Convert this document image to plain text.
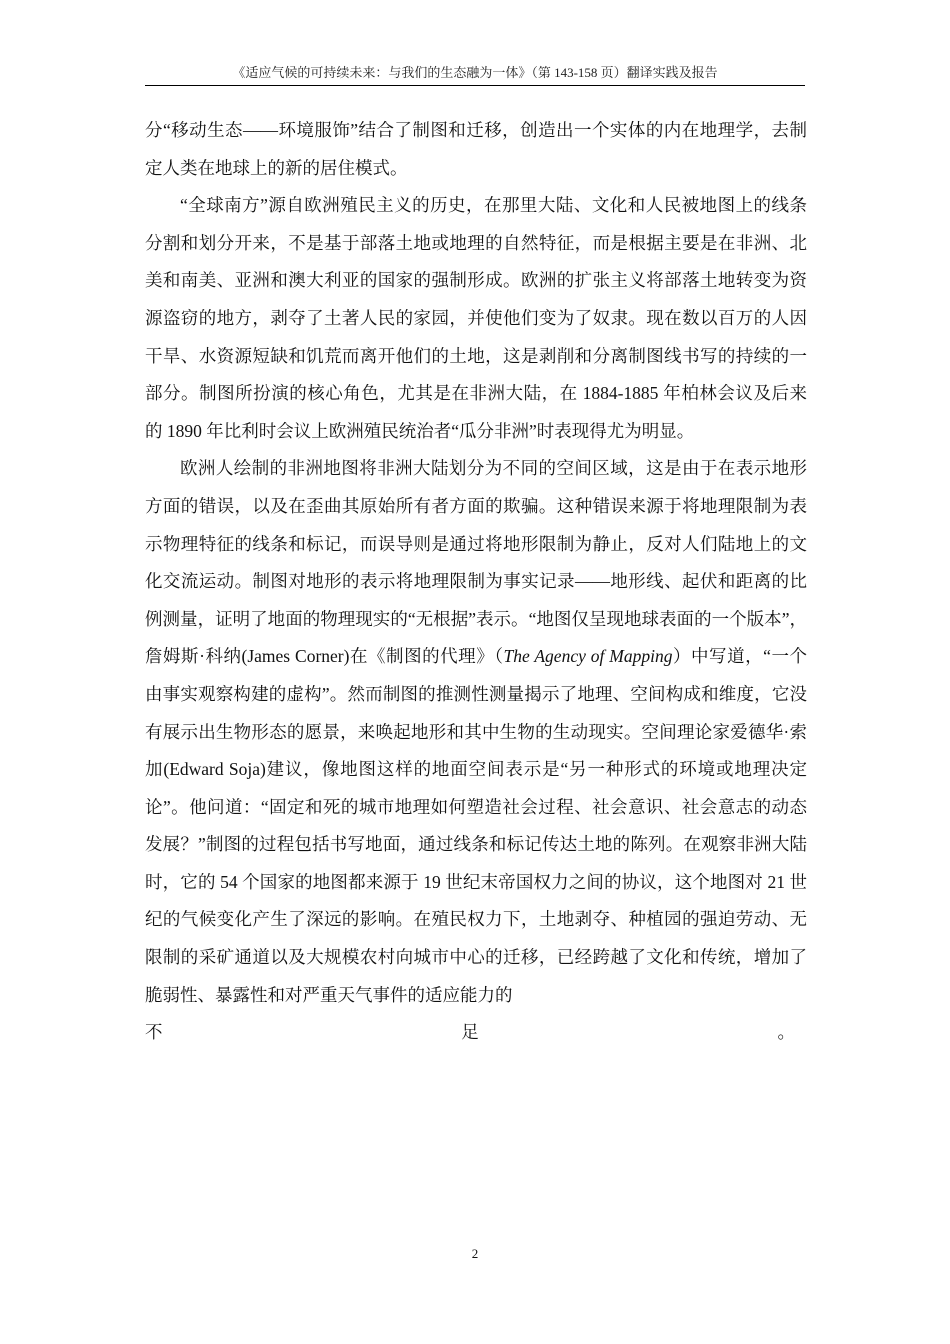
《适应气候的可持续未来：与我们的生态融为一体》（第 143-158 页）翻译实践及报告

分“移动生态——环境服饰”结合了制图和迁移，创造出一个实体的内在地理学，去制定人类在地球上的新的居住模式。

“全球南方”源自欧洲殖民主义的历史，在那里大陆、文化和人民被地图上的线条分割和划分开来，不是基于部落土地或地理的自然特征，而是根据主要是在非洲、北美和南美、亚洲和澳大利亚的国家的强制形成。欧洲的扩张主义将部落土地转变为资源盗窃的地方，剥夺了土著人民的家园，并使他们变为了奴隶。现在数以百万的人因干旱、水资源短缺和饥荒而离开他们的土地，这是剥削和分离制图线书写的持续的一部分。制图所扮演的核心角色，尤其是在非洲大陆，在 1884-1885 年柏林会议及后来的 1890 年比利时会议上欧洲殖民统治者“瓜分非洲”时表现得尤为明显。

欧洲人绘制的非洲地图将非洲大陆划分为不同的空间区域，这是由于在表示地形方面的错误，以及在歪曲其原始所有者方面的欺骗。这种错误来源于将地理限制为表示物理特征的线条和标记，而误导则是通过将地形限制为静止，反对人们陆地上的文化交流运动。制图对地形的表示将地理限制为事实记录——地形线、起伏和距离的比例测量，证明了地面的物理现实的“无根据”表示。“地图仅呈现地球表面的一个版本”，詹姆斯·科纳(James Corner)在《制图的代理》（The Agency of Mapping）中写道，“一个由事实观察构建的虚构”。然而制图的推测性测量揭示了地理、空间构成和维度，它没有展示出生物形态的愿景，来唤起地形和其中生物的生动现实。空间理论家爱德华·索加(Edward Soja)建议，像地图这样的地面空间表示是“另一种形式的环境或地理决定论”。他问道：“固定和死的城市地理如何塑造社会过程、社会意识、社会意志的动态发展？”制图的过程包括书写地面，通过线条和标记传达土地的陈列。在观察非洲大陆时，它的 54 个国家的地图都来源于 19 世纪末帝国权力之间的协议，这个地图对 21 世纪的气候变化产生了深远的影响。在殖民权力下，土地剥夺、种植园的强迫劳动、无限制的采矿通道以及大规模农村向城市中心的迁移，已经跨越了文化和传统，增加了脆弱性、暴露性和对严重天气事件的适应能力的

不	足	。
2
